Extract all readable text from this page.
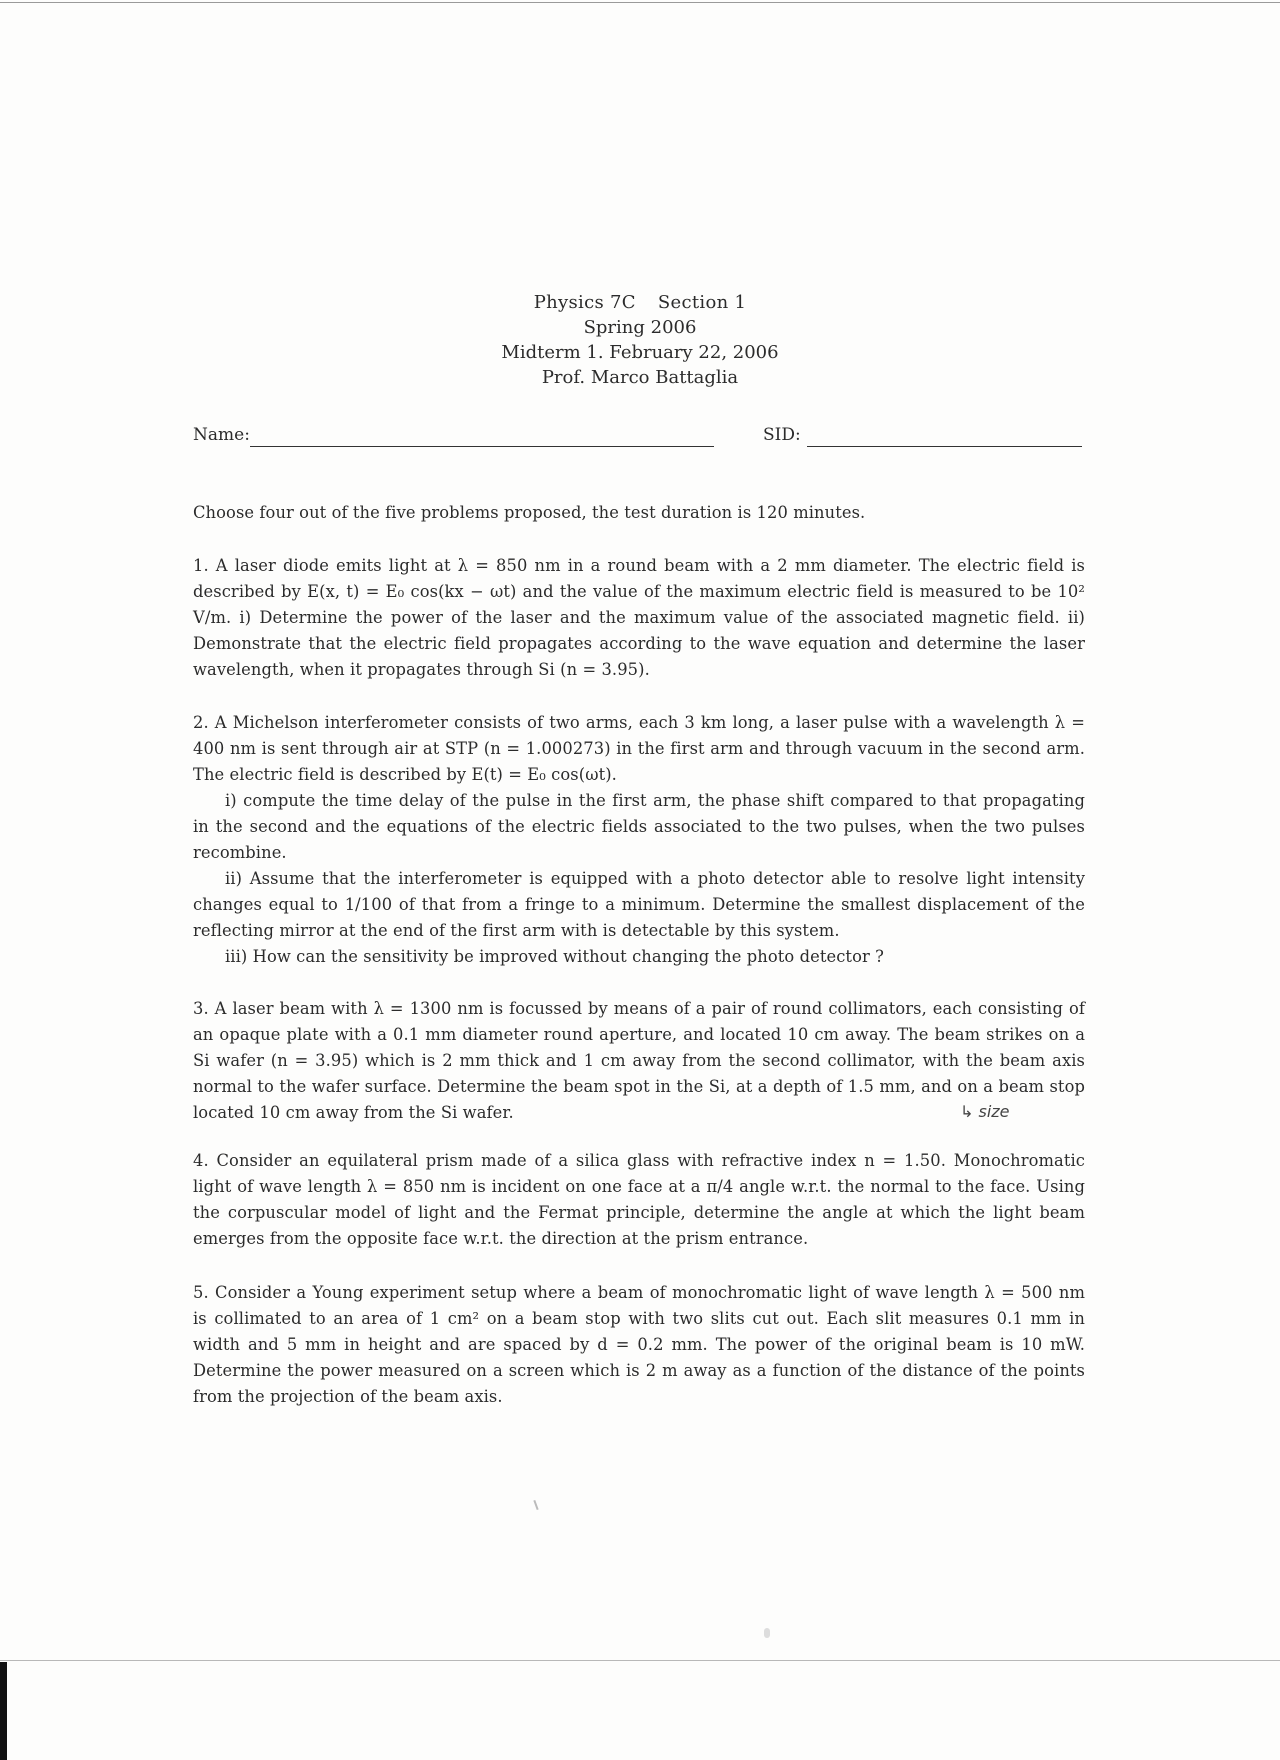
Physics 7C Section 1
Spring 2006
Midterm 1. February 22, 2006
Prof. Marco Battaglia
Name:	SID:
Choose four out of the five problems proposed, the test duration is 120 minutes.
1. A laser diode emits light at λ = 850 nm in a round beam with a 2 mm diameter. The electric field is described by E(x, t) = E₀ cos(kx − ωt) and the value of the maximum electric field is measured to be 10² V/m. i) Determine the power of the laser and the maximum value of the associated magnetic field. ii) Demonstrate that the electric field propagates according to the wave equation and determine the laser wavelength, when it propagates through Si (n = 3.95).
2. A Michelson interferometer consists of two arms, each 3 km long, a laser pulse with a wavelength λ = 400 nm is sent through air at STP (n = 1.000273) in the first arm and through vacuum in the second arm. The electric field is described by E(t) = E₀ cos(ωt).
i) compute the time delay of the pulse in the first arm, the phase shift compared to that propagating in the second and the equations of the electric fields associated to the two pulses, when the two pulses recombine.
ii) Assume that the interferometer is equipped with a photo detector able to resolve light intensity changes equal to 1/100 of that from a fringe to a minimum. Determine the smallest displacement of the reflecting mirror at the end of the first arm with is detectable by this system.
iii) How can the sensitivity be improved without changing the photo detector ?
3. A laser beam with λ = 1300 nm is focussed by means of a pair of round collimators, each consisting of an opaque plate with a 0.1 mm diameter round aperture, and located 10 cm away. The beam strikes on a Si wafer (n = 3.95) which is 2 mm thick and 1 cm away from the second collimator, with the beam axis normal to the wafer surface. Determine the beam spot in the Si, at a depth of 1.5 mm, and on a beam stop located 10 cm away from the Si wafer.	↳ size
4. Consider an equilateral prism made of a silica glass with refractive index n = 1.50. Monochromatic light of wave length λ = 850 nm is incident on one face at a π/4 angle w.r.t. the normal to the face. Using the corpuscular model of light and the Fermat principle, determine the angle at which the light beam emerges from the opposite face w.r.t. the direction at the prism entrance.
5. Consider a Young experiment setup where a beam of monochromatic light of wave length λ = 500 nm is collimated to an area of 1 cm² on a beam stop with two slits cut out. Each slit measures 0.1 mm in width and 5 mm in height and are spaced by d = 0.2 mm. The power of the original beam is 10 mW. Determine the power measured on a screen which is 2 m away as a function of the distance of the points from the projection of the beam axis.
